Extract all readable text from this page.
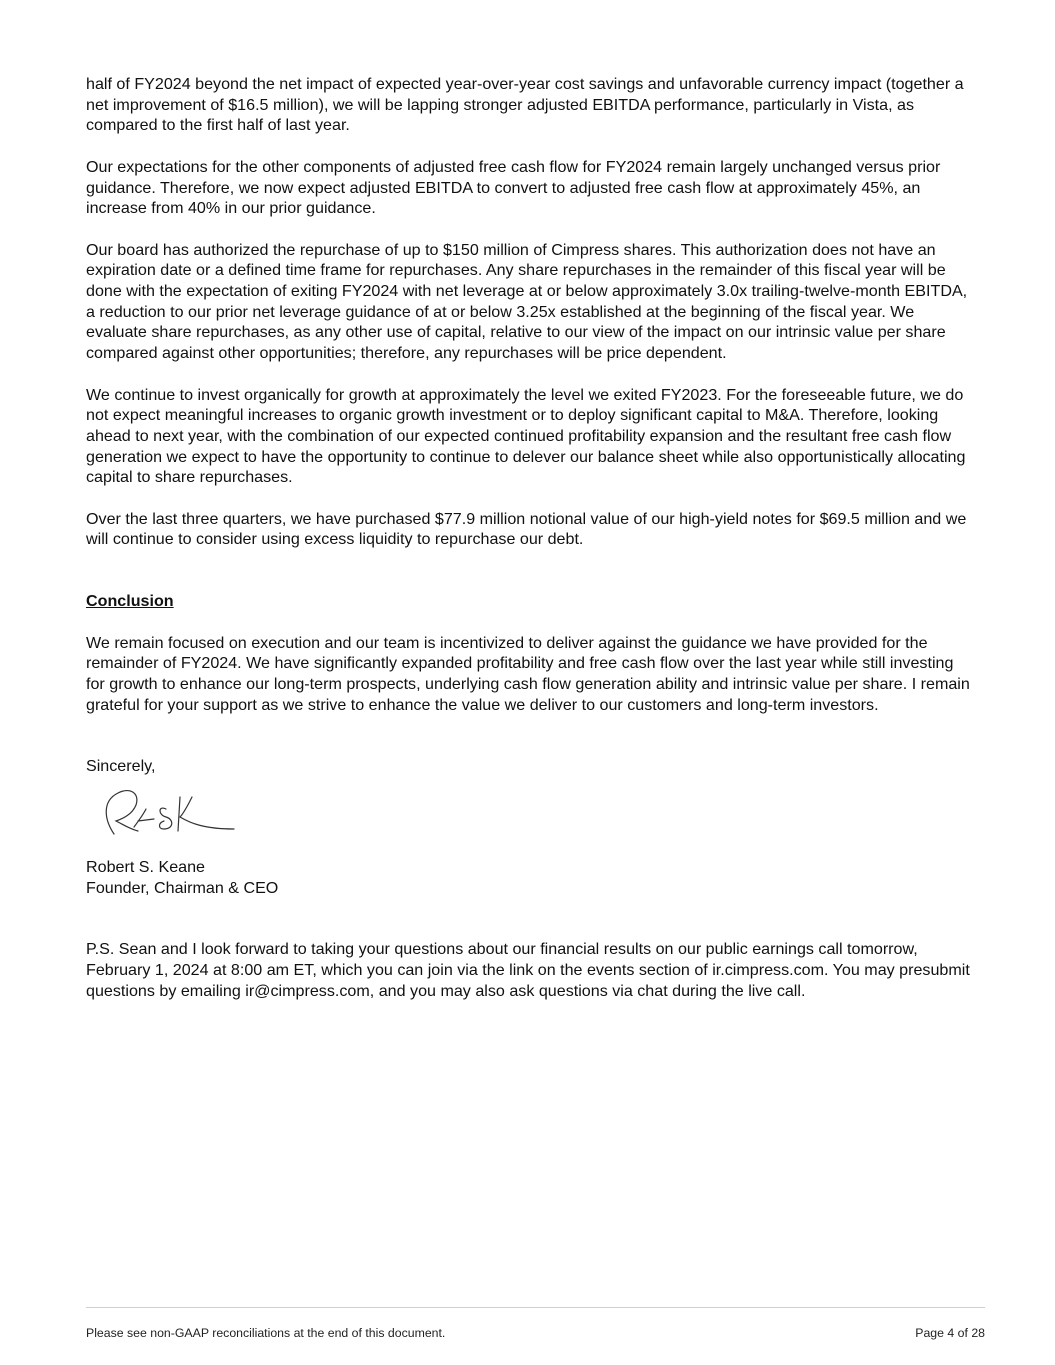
half of FY2024 beyond the net impact of expected year-over-year cost savings and unfavorable currency impact (together a net improvement of $16.5 million), we will be lapping stronger adjusted EBITDA performance, particularly in Vista, as compared to the first half of last year.

Our expectations for the other components of adjusted free cash flow for FY2024 remain largely unchanged versus prior guidance. Therefore, we now expect adjusted EBITDA to convert to adjusted free cash flow at approximately 45%, an increase from 40% in our prior guidance.

Our board has authorized the repurchase of up to $150 million of Cimpress shares. This authorization does not have an expiration date or a defined time frame for repurchases. Any share repurchases in the remainder of this fiscal year will be done with the expectation of exiting FY2024 with net leverage at or below approximately 3.0x trailing-twelve-month EBITDA, a reduction to our prior net leverage guidance of at or below 3.25x established at the beginning of the fiscal year. We evaluate share repurchases, as any other use of capital, relative to our view of the impact on our intrinsic value per share compared against other opportunities; therefore, any repurchases will be price dependent.

We continue to invest organically for growth at approximately the level we exited FY2023. For the foreseeable future, we do not expect meaningful increases to organic growth investment or to deploy significant capital to M&A. Therefore, looking ahead to next year, with the combination of our expected continued profitability expansion and the resultant free cash flow generation we expect to have the opportunity to continue to delever our balance sheet while also opportunistically allocating capital to share repurchases.

Over the last three quarters, we have purchased $77.9 million notional value of our high-yield notes for $69.5 million and we will continue to consider using excess liquidity to repurchase our debt.

Conclusion

We remain focused on execution and our team is incentivized to deliver against the guidance we have provided for the remainder of FY2024. We have significantly expanded profitability and free cash flow over the last year while still investing for growth to enhance our long-term prospects, underlying cash flow generation ability and intrinsic value per share. I remain grateful for your support as we strive to enhance the value we deliver to our customers and long-term investors.

Sincerely,

Robert S. Keane

Founder, Chairman & CEO

P.S. Sean and I look forward to taking your questions about our financial results on our public earnings call tomorrow, February 1, 2024 at 8:00 am ET, which you can join via the link on the events section of ir.cimpress.com. You may presubmit questions by emailing ir@cimpress.com, and you may also ask questions via chat during the live call.

Please see non-GAAP reconciliations at the end of this document.	Page 4 of 28
